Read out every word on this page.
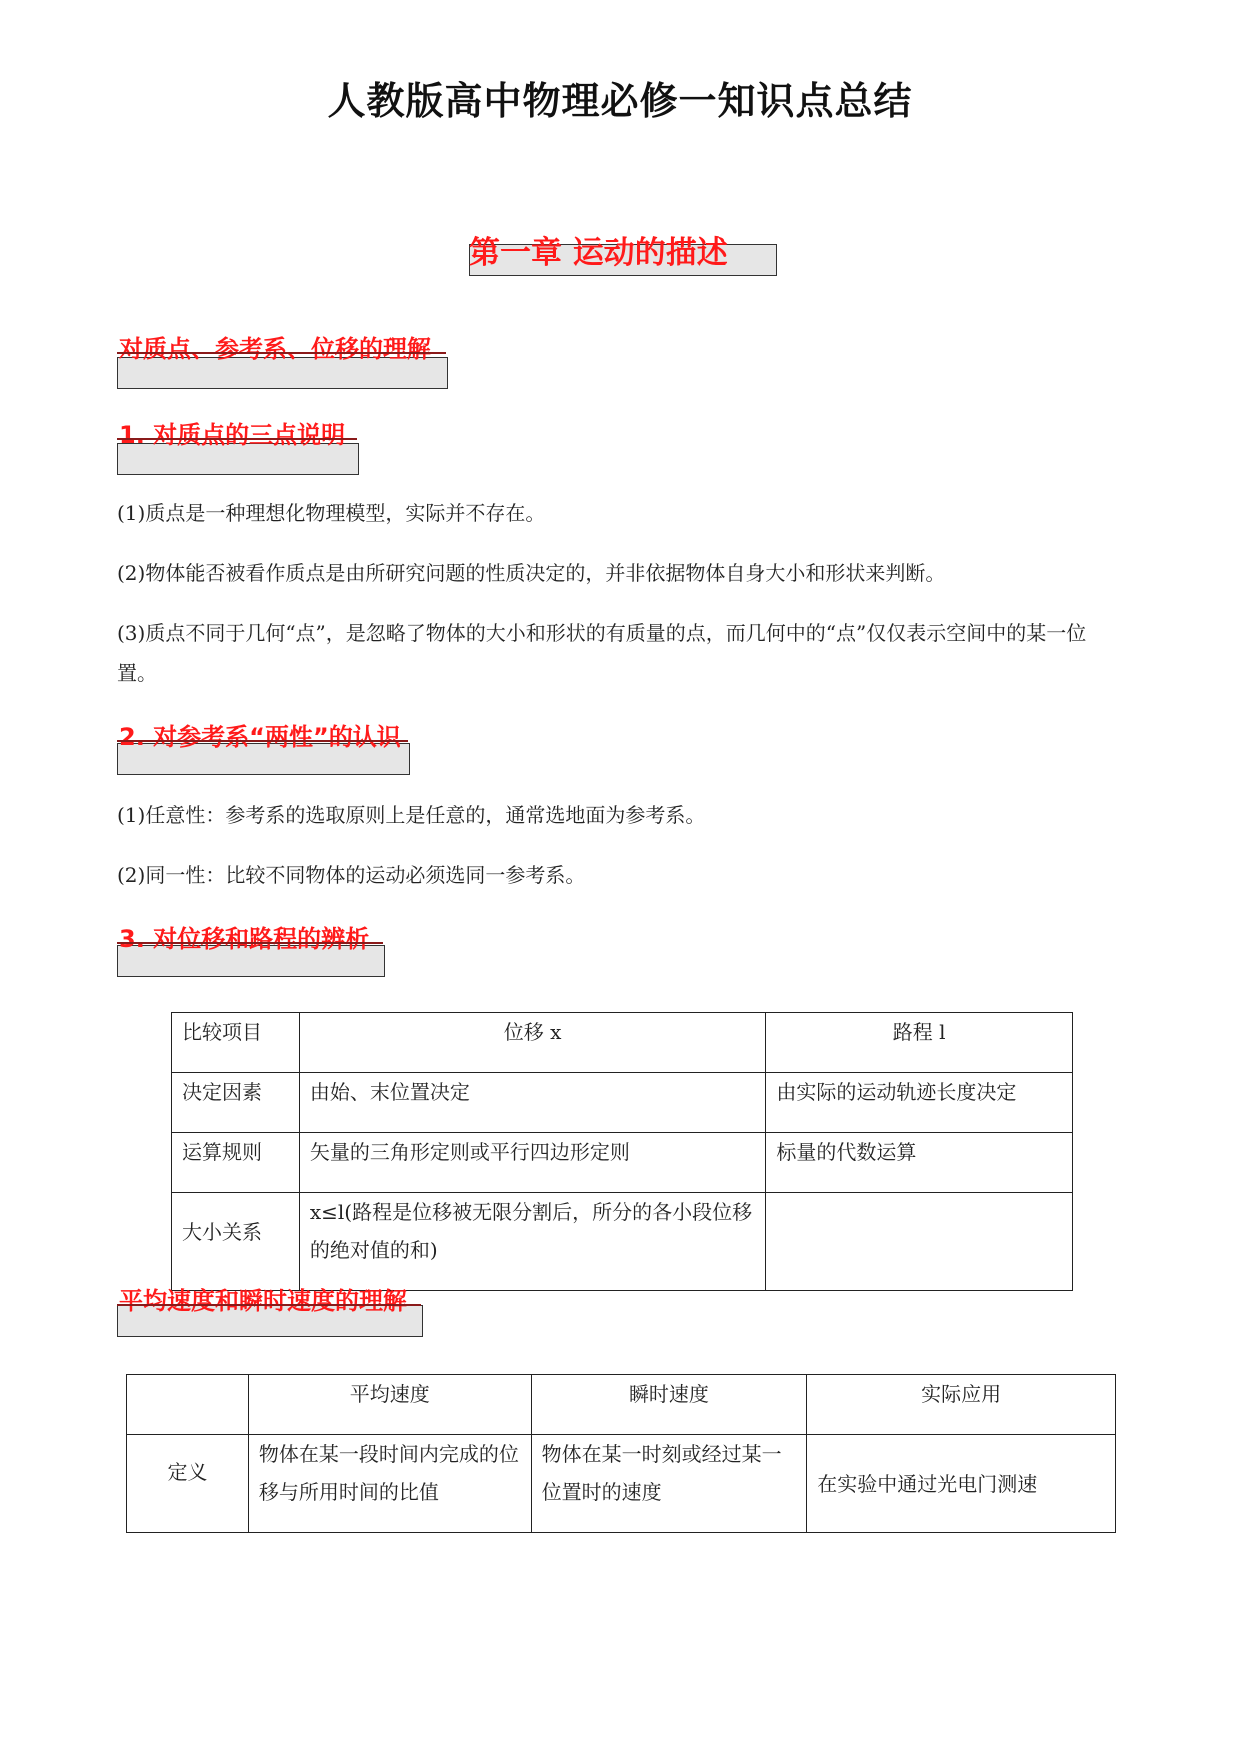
人教版高中物理必修一知识点总结
第一章 运动的描述
对质点、参考系、位移的理解
1. 对质点的三点说明
(1)质点是一种理想化物理模型，实际并不存在。
(2)物体能否被看作质点是由所研究问题的性质决定的，并非依据物体自身大小和形状来判断。
(3)质点不同于几何“点”，是忽略了物体的大小和形状的有质量的点，而几何中的“点”仅仅表示空间中的某一位置。
2. 对参考系“两性”的认识
(1)任意性：参考系的选取原则上是任意的，通常选地面为参考系。
(2)同一性：比较不同物体的运动必须选同一参考系。
3. 对位移和路程的辨析
比较项目	位移 x	路程 l
决定因素	由始、末位置决定	由实际的运动轨迹长度决定
运算规则	矢量的三角形定则或平行四边形定则	标量的代数运算
大小关系	x≤l(路程是位移被无限分割后，所分的各小段位移的绝对值的和)	
平均速度和瞬时速度的理解
	平均速度	瞬时速度	实际应用
定义	物体在某一段时间内完成的位移与所用时间的比值	物体在某一时刻或经过某一位置时的速度	在实验中通过光电门测速
